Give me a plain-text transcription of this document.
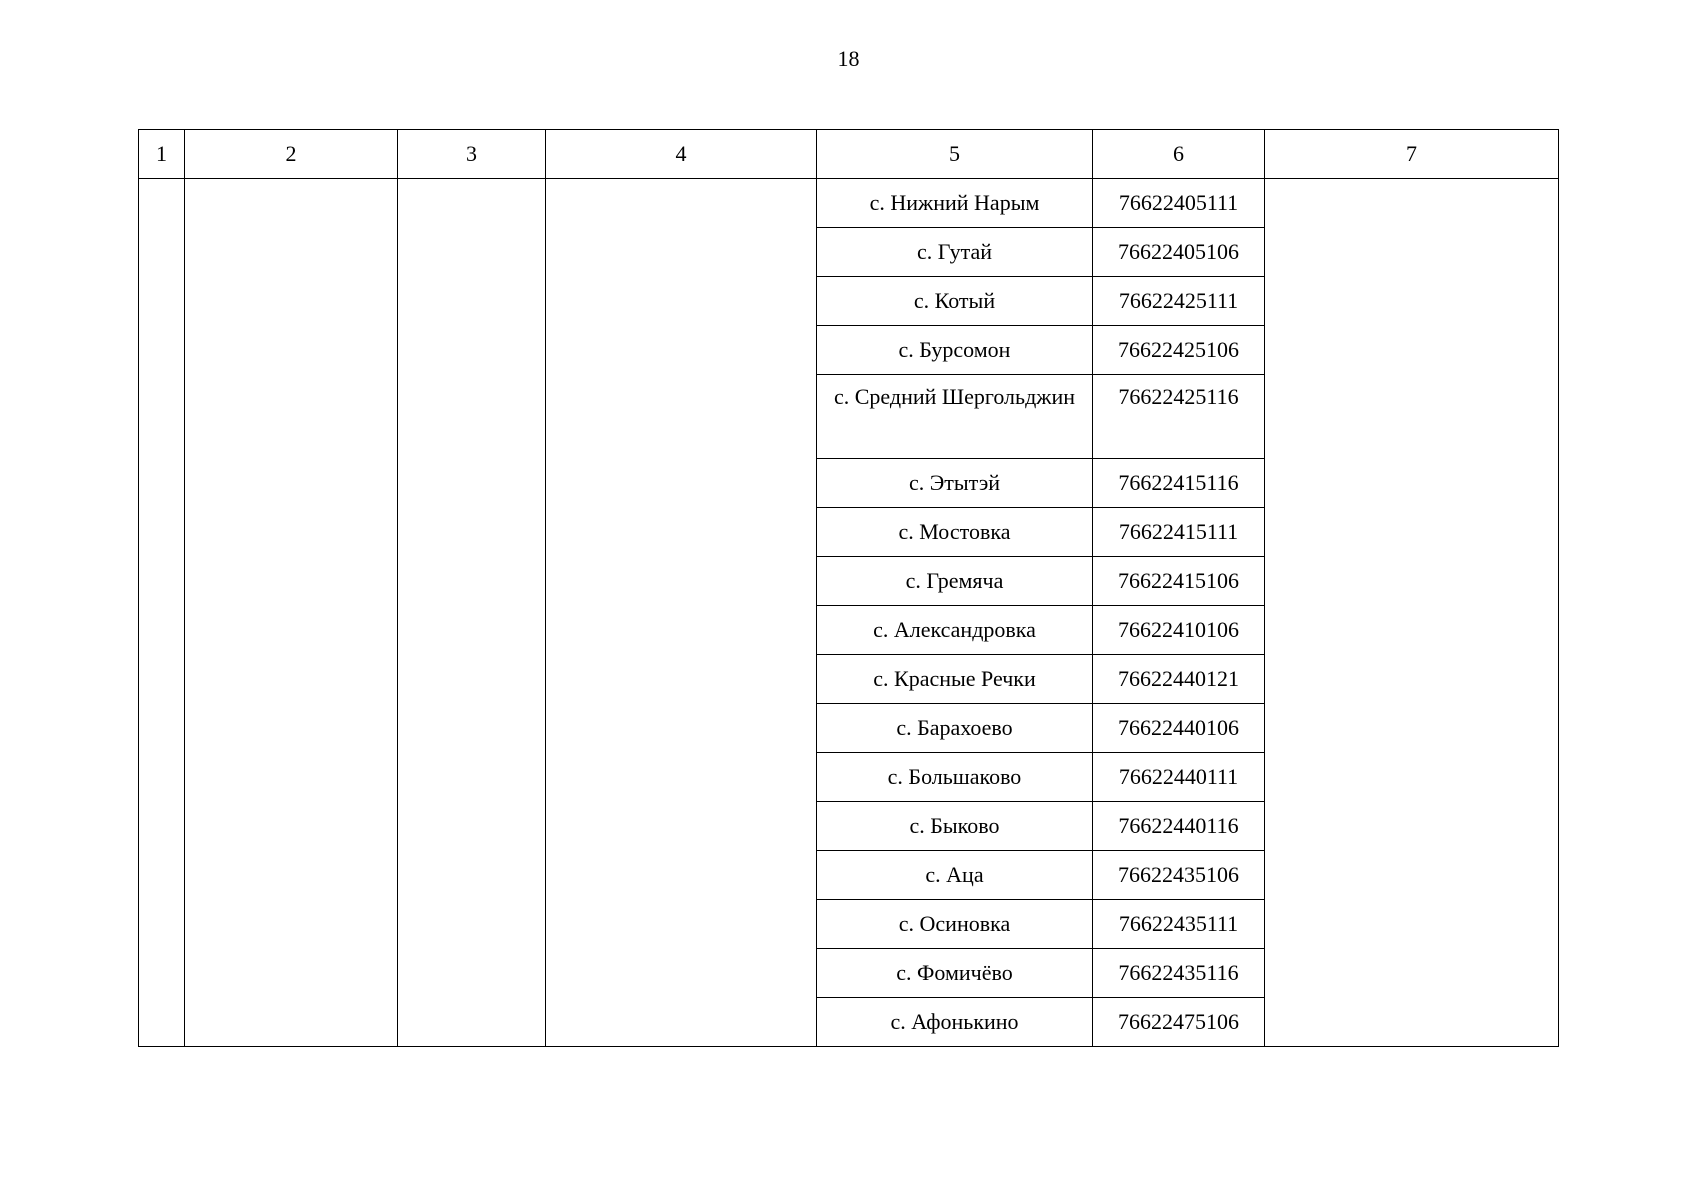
18
1	2	3	4	5	6	7
				с. Нижний Нарым	76622405111	
				с. Гутай	76622405106	
				с. Котый	76622425111	
				с. Бурсомон	76622425106	
				с. Средний Шергольджин	76622425116	
				с. Этытэй	76622415116	
				с. Мостовка	76622415111	
				с. Гремяча	76622415106	
				с. Александровка	76622410106	
				с. Красные Речки	76622440121	
				с. Барахоево	76622440106	
				с. Большаково	76622440111	
				с. Быково	76622440116	
				с. Аца	76622435106	
				с. Осиновка	76622435111	
				с. Фомичёво	76622435116	
				с. Афонькино	76622475106	
